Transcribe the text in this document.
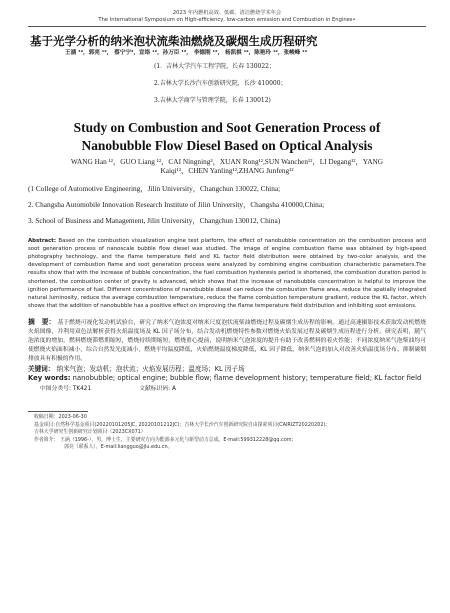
2023 年内燃机高效、低碳、清洁燃烧学术年会
The International Symposium on High-efficiency, low-carbon emission and Combustion in Engines•
基于光学分析的纳米泡状流柴油燃烧及碳烟生成历程研究
王涵 ¹²，郭亮 ¹²， 蔡宁宁³，宣络 ¹²，孙万臣 ¹²， 李德刚 ¹²， 杨凯棋 ¹²，陈艳玲 ¹²，张峻峰 ¹²
(1．吉林大学汽车工程学院，长春 130022；
2.吉林大学长沙汽车创新研究院，长沙 410000；
3.吉林大学商学与管理学院，长春 130012)
Study on Combustion and Soot Generation Process of
Nanobubble Flow Diesel Based on Optical Analysis
WANG Han ¹²，GUO Liang ¹²，CAI Ningning³，XUAN Rong¹²,SUN Wanchen¹²，LI Degang¹²，YANG Kaiqi¹²，CHEN Yanling¹²,ZHANG Junfeng¹²
(1 College of Automotive Engineering，Jilin University，Changchun 130022, China;
2. Changsha Automobile Innovation Research Institute of Jilin University，Changsha 410000,China;
3. School of Business and Management, Jilin University，Changchun 130012, China)
Abstract: Based on the combustion visualization engine test platform, the effect of nanobubble concentration on the combustion process and soot generation process of nanoscale bubble flow diesel was studied. The image of engine combustion flame was obtained by high-speed photography technology, and the flame temperature field and KL factor field distribution were obtained by two-color analysis, and the development of combustion flame and soot generation process were analyzed by combining engine combustion characteristic parameters.The results show that with the increase of bubble concentration, the fuel combustion hysteresis period is shortened, the combustion duration period is shortened, the combustion center of gravity is advanced, which shows that the increase of nanobubble concentration is helpful to improve the ignition performance of fuel. Different concentrations of nanobubble diesel can reduce the combustion flame area, reduce the spatially integrated natural luminosity, reduce the average combustion temperature, reduce the flame combustion temperature gradient, reduce the KL factor, which shows that the addition of nanobubble has a positive effect on improving the flame temperature field distribution and inhibiting soot emissions.
摘　要： 基于燃烧可视化发动机试验台，研究了纳米气泡浓度对纳米尺度泡状流柴油燃烧过程及碳烟生成历程的影响。通过高速摄影技术获取发动机燃烧火焰图像，并利用双色法解析获得火焰温度场及 KL 因子场分布，结合发动机燃烧特性参数对燃烧火焰发展过程及碳烟生成历程进行分析。研究表明，随气泡浓度的增加，燃料燃烧滞燃期缩短，燃烧持续期缩短，燃烧重心提前，说明纳米气泡浓度的提升有助于改善燃料的着火性能；不同浓度纳米气泡柴油均可使燃烧火焰面积减小，综合自然发光度减小，燃烧平均温度降低，火焰燃烧温度梯度降低，KL 因子降低，纳米气泡的加入对改善火焰温度场分布、抑制碳烟排放具有积极的作用。
关键词： 纳米气泡；发动机；泡状流；火焰发展历程；温度场；KL 因子场
Key words: nanobubble; optical engine; bubble flow; flame development history; temperature field; KL factor field
中图分类号: TK421	文献标识码: A
收稿日期：2023-06-30
基金项目:自然科学基金项目(20220101205JC, 20220101212JC)；吉林大学长沙汽车创新研究院自由探索项目(CAIRIZT20220202)；
吉林大学研究生创新研究计划项目（2023CX071）
作者简介： 王涵（1996-），男，博士生，主要研究方向为能源多元化与新型动力总成。E-mail:599312228@qq.com;
郭亮（联系人），E-mail:liangguo@jlu.edu.cn。
